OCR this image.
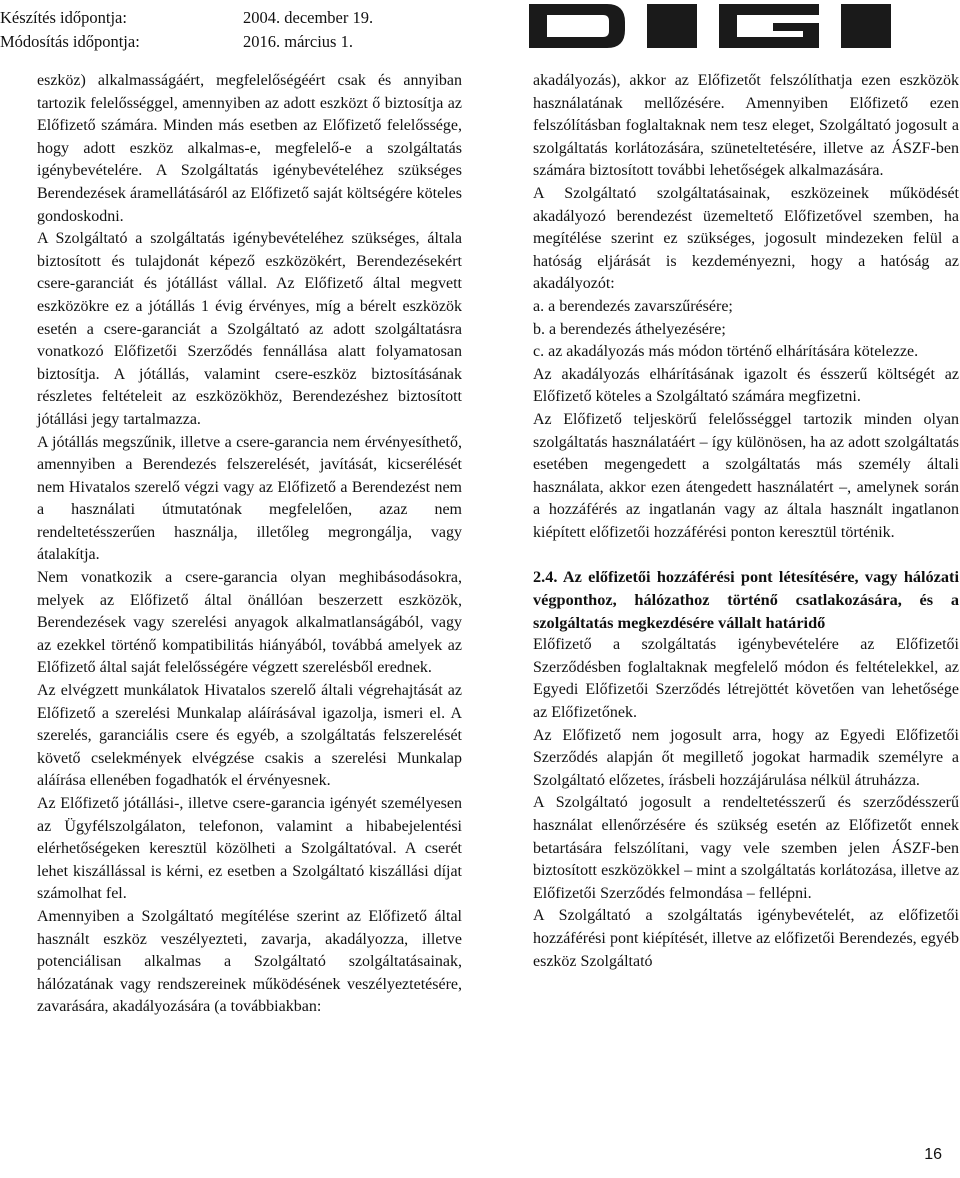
Készítés időpontja:	2004. december 19.
Módosítás időpontja:	2016. március 1.

eszköz) alkalmasságáért, megfelelőségéért csak és annyiban tartozik felelősséggel, amennyiben az adott eszközt ő biztosítja az Előfizető számára. Minden más esetben az Előfizető felelőssége, hogy adott eszköz alkalmas-e, megfelelő-e a szolgáltatás igénybevételére. A Szolgáltatás igénybevételéhez szükséges Berendezések áramellátásáról az Előfizető saját költségére köteles gondoskodni.

A Szolgáltató a szolgáltatás igénybevételéhez szükséges, általa biztosított és tulajdonát képező eszközökért, Berendezésekért csere-garanciát és jótállást vállal. Az Előfizető által megvett eszközökre ez a jótállás 1 évig érvényes, míg a bérelt eszközök esetén a csere-garanciát a Szolgáltató az adott szolgáltatásra vonatkozó Előfizetői Szerződés fennállása alatt folyamatosan biztosítja. A jótállás, valamint csere-eszköz biztosításának részletes feltételeit az eszközökhöz, Berendezéshez biztosított jótállási jegy tartalmazza.

A jótállás megszűnik, illetve a csere-garancia nem érvényesíthető, amennyiben a Berendezés felszerelését, javítását, kicserélését nem Hivatalos szerelő végzi vagy az Előfizető a Berendezést nem a használati útmutatónak megfelelően, azaz nem rendeltetésszerűen használja, illetőleg megrongálja, vagy átalakítja.

Nem vonatkozik a csere-garancia olyan meghibásodásokra, melyek az Előfizető által önállóan beszerzett eszközök, Berendezések vagy szerelési anyagok alkalmatlanságából, vagy az ezekkel történő kompatibilitás hiányából, továbbá amelyek az Előfizető által saját felelősségére végzett szerelésből erednek.

Az elvégzett munkálatok Hivatalos szerelő általi végrehajtását az Előfizető a szerelési Munkalap aláírásával igazolja, ismeri el. A szerelés, garanciális csere és egyéb, a szolgáltatás felszerelését követő cselekmények elvégzése csakis a szerelési Munkalap aláírása ellenében fogadhatók el érvényesnek.

Az Előfizető jótállási-, illetve csere-garancia igényét személyesen az Ügyfélszolgálaton, telefonon, valamint a hibabejelentési elérhetőségeken keresztül közölheti a Szolgáltatóval. A cserét lehet kiszállással is kérni, ez esetben a Szolgáltató kiszállási díjat számolhat fel.

Amennyiben a Szolgáltató megítélése szerint az Előfizető által használt eszköz veszélyezteti, zavarja, akadályozza, illetve potenciálisan alkalmas a Szolgáltató szolgáltatásainak, hálózatának vagy rendszereinek működésének veszélyeztetésére, zavarására, akadályozására (a továbbiakban:

akadályozás), akkor az Előfizetőt felszólíthatja ezen eszközök használatának mellőzésére. Amennyiben Előfizető ezen felszólításban foglaltaknak nem tesz eleget, Szolgáltató jogosult a szolgáltatás korlátozására, szüneteltetésére, illetve az ÁSZF-ben számára biztosított további lehetőségek alkalmazására.

A Szolgáltató szolgáltatásainak, eszközeinek működését akadályozó berendezést üzemeltető Előfizetővel szemben, ha megítélése szerint ez szükséges, jogosult mindezeken felül a hatóság eljárását is kezdeményezni, hogy a hatóság az akadályozót:

a. a berendezés zavarszűrésére;

b. a berendezés áthelyezésére;

c. az akadályozás más módon történő elhárítására kötelezze.

Az akadályozás elhárításának igazolt és ésszerű költségét az Előfizető köteles a Szolgáltató számára megfizetni.

Az Előfizető teljeskörű felelősséggel tartozik minden olyan szolgáltatás használatáért – így különösen, ha az adott szolgáltatás esetében megengedett a szolgáltatás más személy általi használata, akkor ezen átengedett használatért –, amelynek során a hozzáférés az ingatlanán vagy az általa használt ingatlanon kiépített előfizetői hozzáférési ponton keresztül történik.

2.4. Az előfizetői hozzáférési pont létesítésére, vagy hálózati végponthoz, hálózathoz történő csatlakozására, és a szolgáltatás megkezdésére vállalt határidő

Előfizető a szolgáltatás igénybevételére az Előfizetői Szerződésben foglaltaknak megfelelő módon és feltételekkel, az Egyedi Előfizetői Szerződés létrejöttét követően van lehetősége az Előfizetőnek.

Az Előfizető nem jogosult arra, hogy az Egyedi Előfizetői Szerződés alapján őt megillető jogokat harmadik személyre a Szolgáltató előzetes, írásbeli hozzájárulása nélkül átruházza.

A Szolgáltató jogosult a rendeltetésszerű és szerződésszerű használat ellenőrzésére és szükség esetén az Előfizetőt ennek betartására felszólítani, vagy vele szemben jelen ÁSZF-ben biztosított eszközökkel – mint a szolgáltatás korlátozása, illetve az Előfizetői Szerződés felmondása – fellépni.

A Szolgáltató a szolgáltatás igénybevételét, az előfizetői hozzáférési pont kiépítését, illetve az előfizetői Berendezés, egyéb eszköz Szolgáltató

16
